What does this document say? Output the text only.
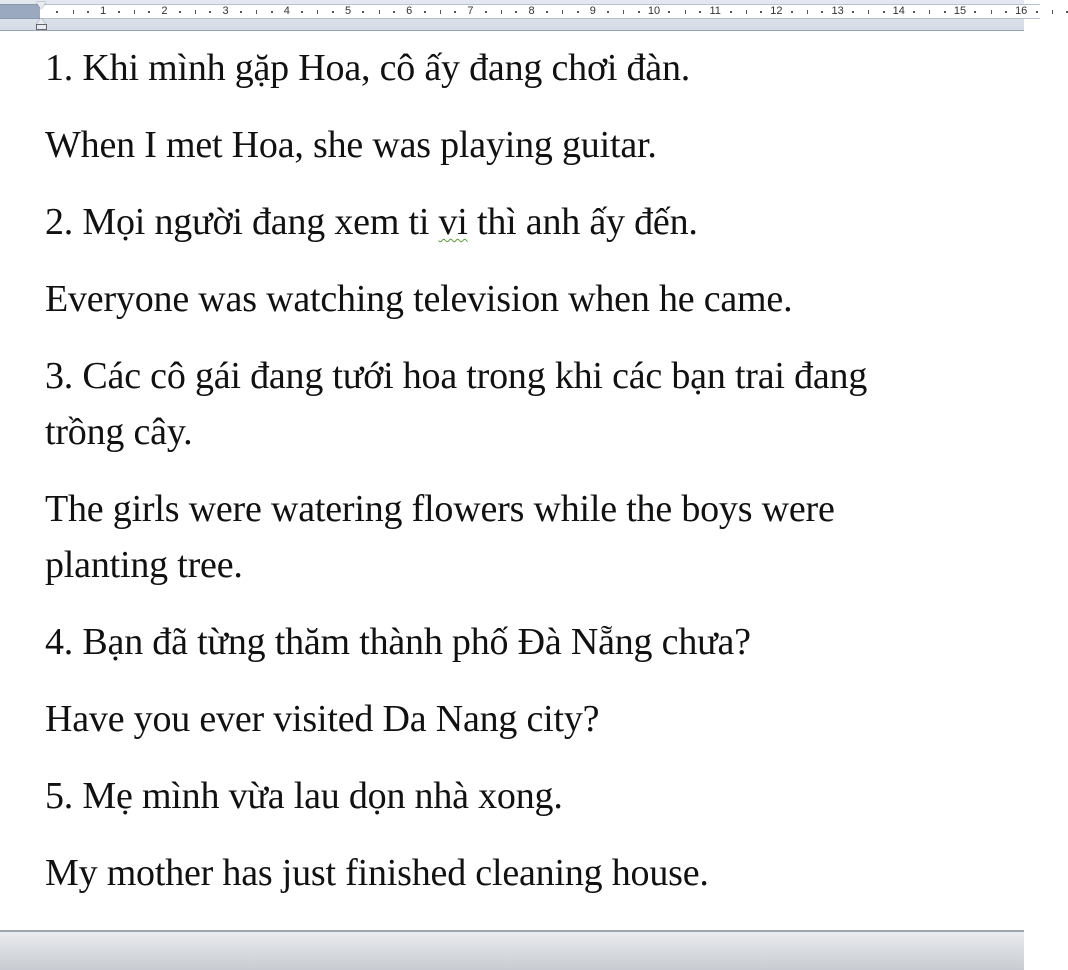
1	2	3	4	5	6	7	8	9	10	11	12	13	14	15	16

1. Khi mình gặp Hoa, cô ấy đang chơi đàn.

When I met Hoa, she was playing guitar.

2. Mọi người đang xem ti vi thì anh ấy đến.

Everyone was watching television when he came.

3. Các cô gái đang tưới hoa trong khi các bạn trai đang
trồng cây.

The girls were watering flowers while the boys were
planting tree.

4. Bạn đã từng thăm thành phố Đà Nẵng chưa?

Have you ever visited Da Nang city?

5. Mẹ mình vừa lau dọn nhà xong.

My mother has just finished cleaning house.
